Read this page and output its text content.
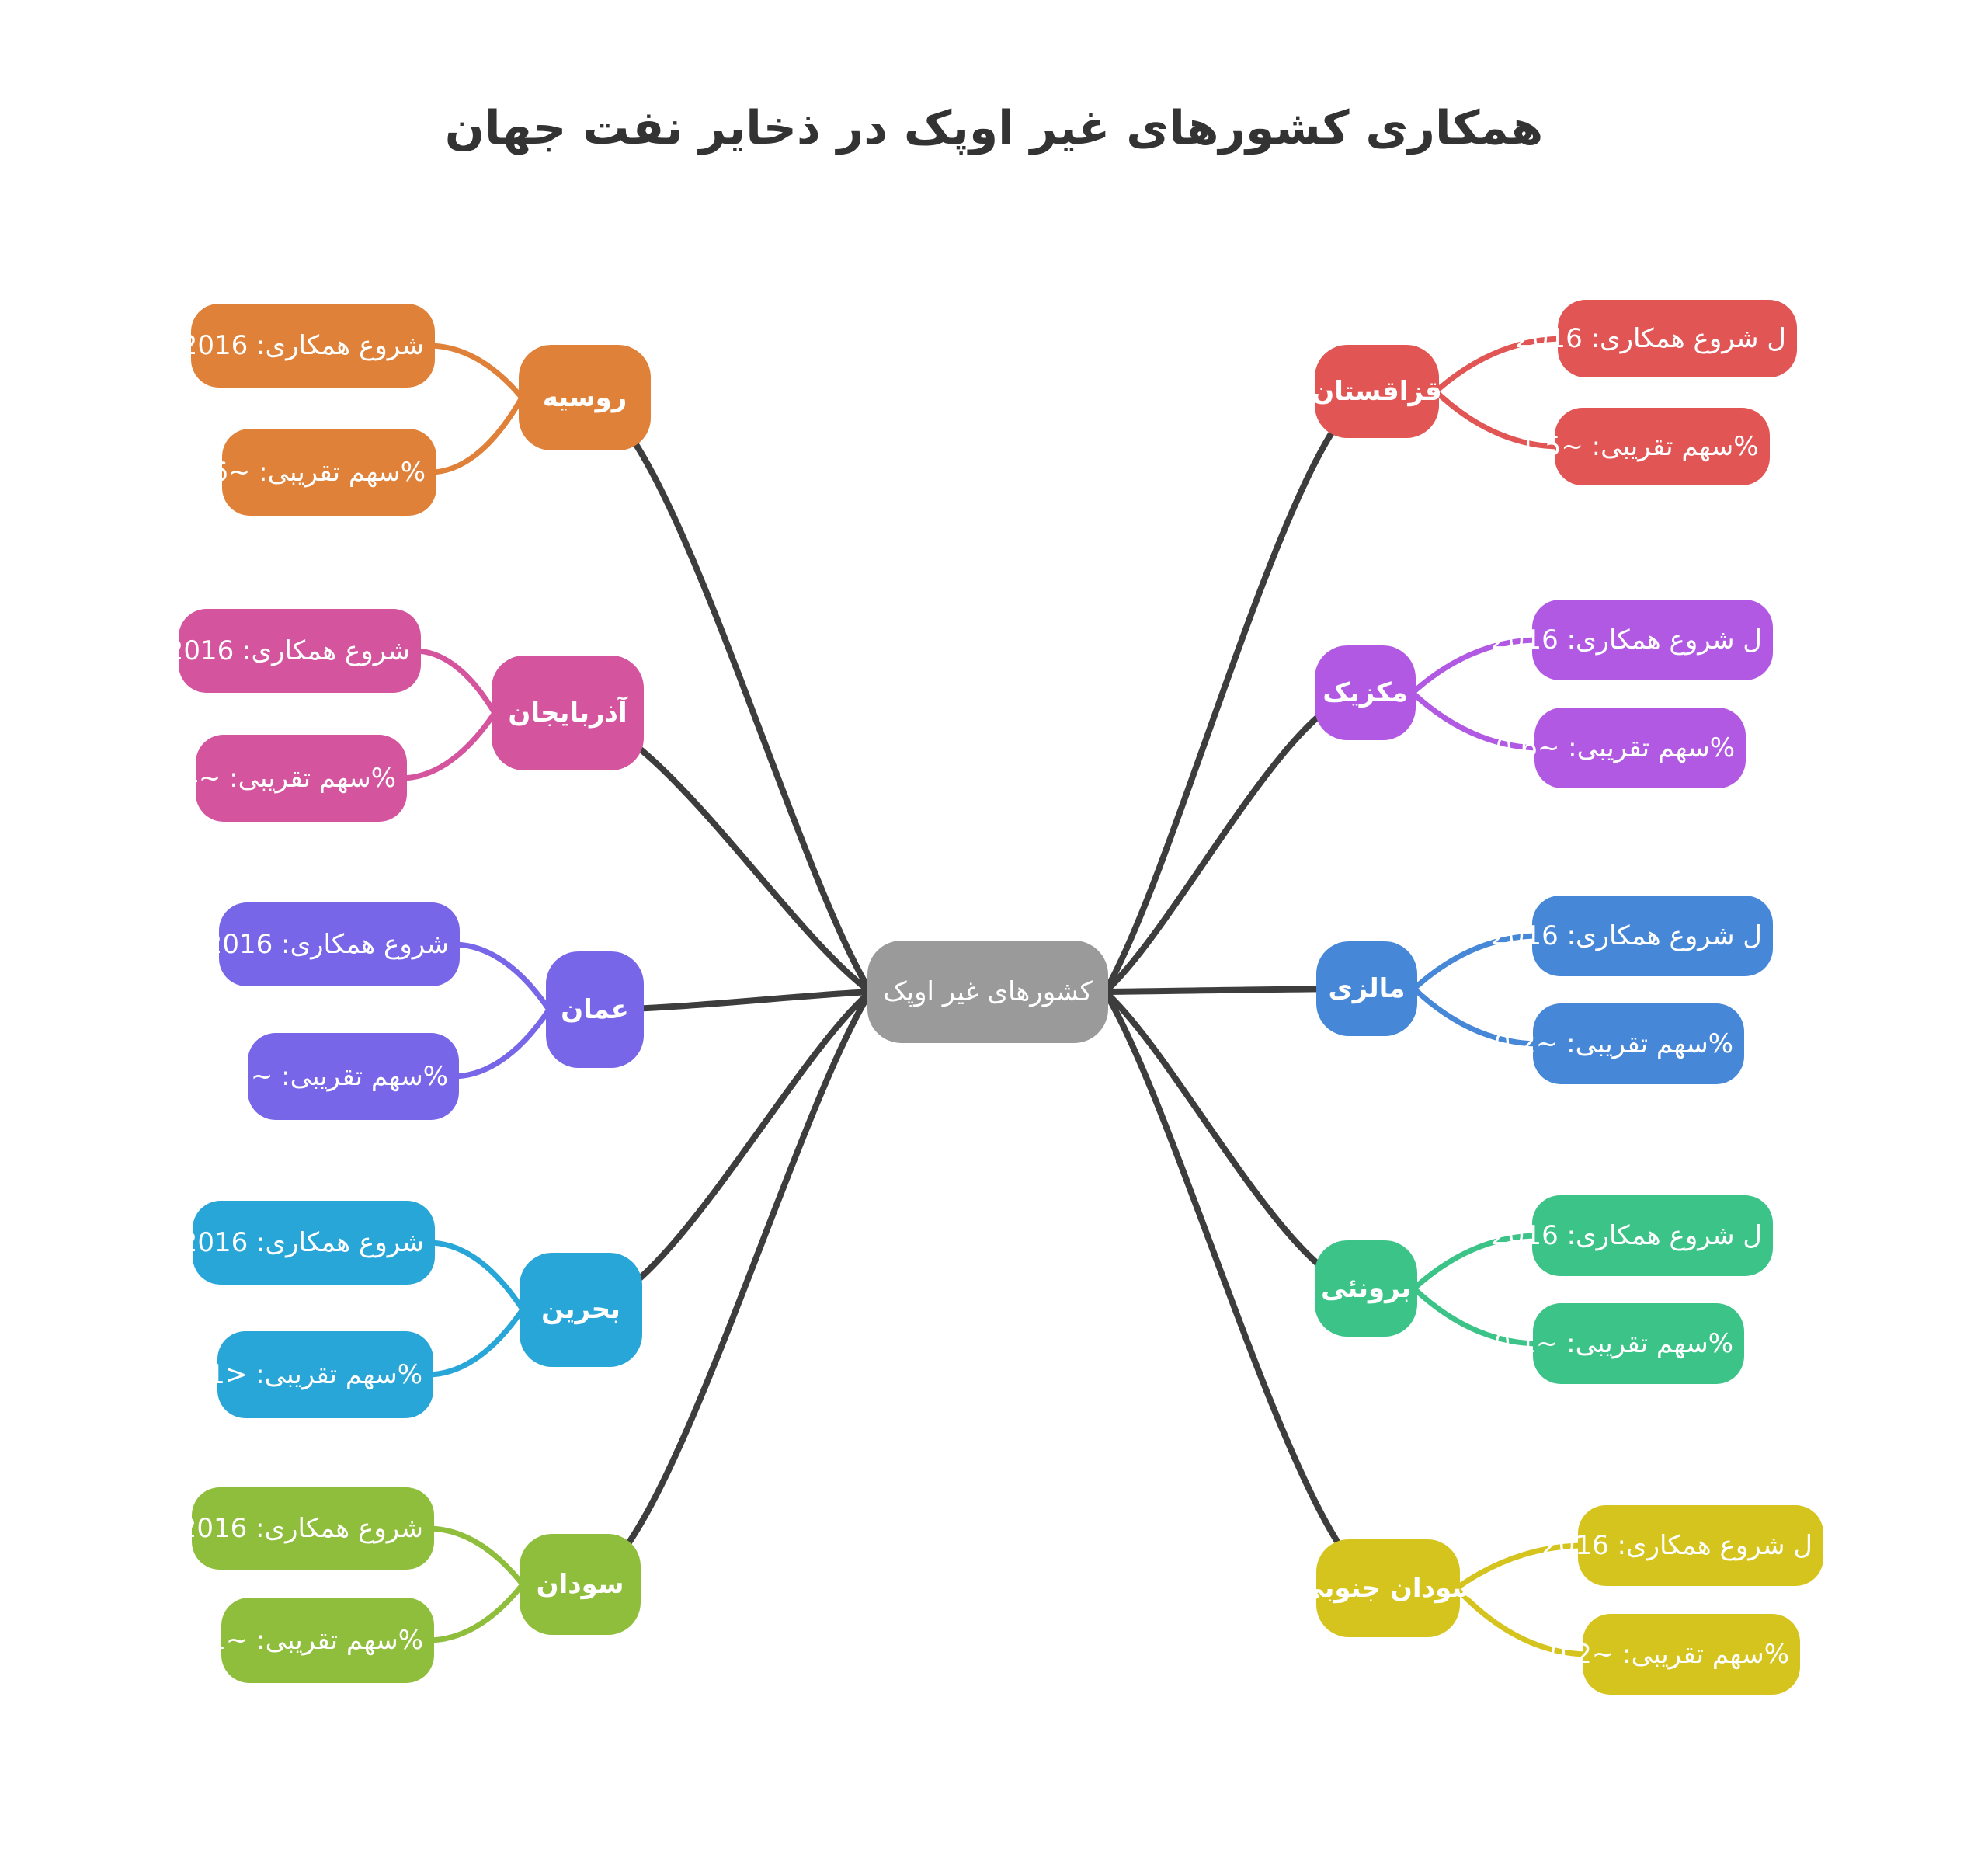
همکاری کشورهای غیر اوپک در ذخایر نفت جهان
کشورهای غیر اوپک
شروع همکاری: 2016
%سهم تقریبی: ~6
روسیه
شروع همکاری: 2016
%سهم تقریبی: ~0.4
آذربایجان
شروع همکاری: 2016
%سهم تقریبی: ~0.2
عمان
شروع همکاری: 2016
%سهم تقریبی: <0.1
بحرین
شروع همکاری: 2016
%سهم تقریبی: ~0.1
سودان
ل شروع همکاری: 2016
%سهم تقریبی: ~1.5
قزاقستان
ل شروع همکاری: 2016
%سهم تقریبی: ~0.6
مکزیک
ل شروع همکاری: 2016
%سهم تقریبی: ~0.2
مالزی
ل شروع همکاری: 2016
%سهم تقریبی: ~0.1
برونئی
ل شروع همکاری: 2016
%سهم تقریبی: ~0.2
سودان جنوبی
